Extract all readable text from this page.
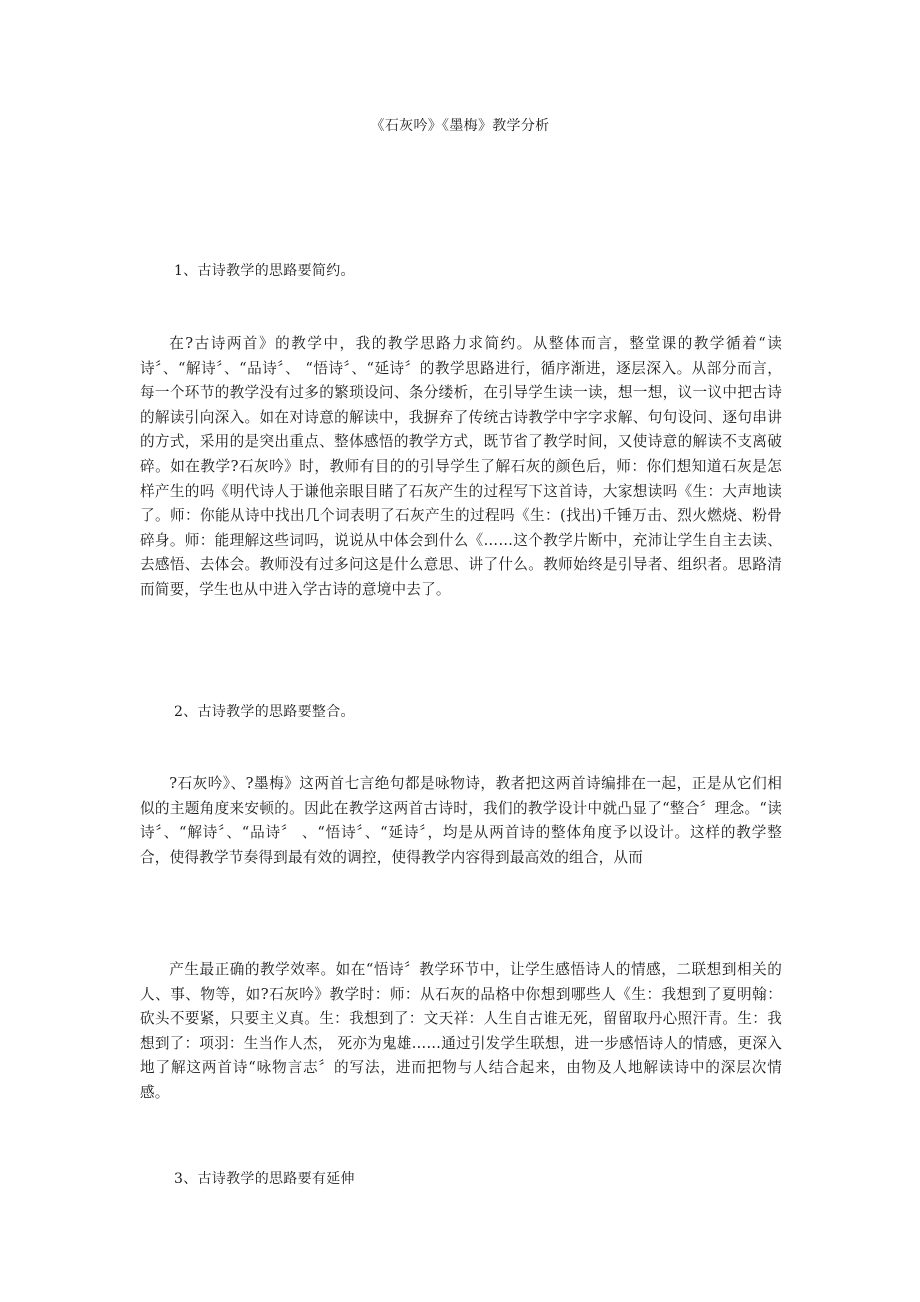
《石灰吟》《墨梅》教学分析
1、古诗教学的思路要简约。
在?古诗两首》的教学中，我的教学思路力求简约。从整体而言，整堂课的教学循着“读诗〞、“解诗〞、“品诗〞、 “悟诗〞、“延诗〞的教学思路进行，循序渐进，逐层深入。从部分而言，每一个环节的教学没有过多的繁琐设问、条分缕析，在引导学生读一读，想一想，议一议中把古诗的解读引向深入。如在对诗意的解读中，我摒弃了传统古诗教学中字字求解、句句设问、逐句串讲的方式，采用的是突出重点、整体感悟的教学方式，既节省了教学时间，又使诗意的解读不支离破碎。如在教学?石灰吟》时，教师有目的的引导学生了解石灰的颜色后，师：你们想知道石灰是怎样产生的吗《明代诗人于谦他亲眼目睹了石灰产生的过程写下这首诗，大家想读吗《生：大声地读了。师：你能从诗中找出几个词表明了石灰产生的过程吗《生：(找出)千锤万击、烈火燃烧、粉骨碎身。师：能理解这些词吗，说说从中体会到什么《……这个教学片断中，充沛让学生自主去读、去感悟、去体会。教师没有过多问这是什么意思、讲了什么。教师始终是引导者、组织者。思路清而简要，学生也从中进入学古诗的意境中去了。
2、古诗教学的思路要整合。
?石灰吟》、?墨梅》这两首七言绝句都是咏物诗，教者把这两首诗编排在一起，正是从它们相似的主题角度来安顿的。因此在教学这两首古诗时，我们的教学设计中就凸显了“整合〞理念。“读诗〞、“解诗〞、“品诗〞 、“悟诗〞、“延诗〞，均是从两首诗的整体角度予以设计。这样的教学整合，使得教学节奏得到最有效的调控，使得教学内容得到最高效的组合，从而
产生最正确的教学效率。如在“悟诗〞教学环节中，让学生感悟诗人的情感，二联想到相关的人、事、物等，如?石灰吟》教学时：师：从石灰的品格中你想到哪些人《生：我想到了夏明翰：砍头不要紧，只要主义真。生：我想到了：文天祥：人生自古谁无死，留留取丹心照汗青。生：我想到了：项羽：生当作人杰， 死亦为鬼雄……通过引发学生联想，进一步感悟诗人的情感，更深入地了解这两首诗“咏物言志〞的写法，进而把物与人结合起来，由物及人地解读诗中的深层次情感。
3、古诗教学的思路要有延伸
